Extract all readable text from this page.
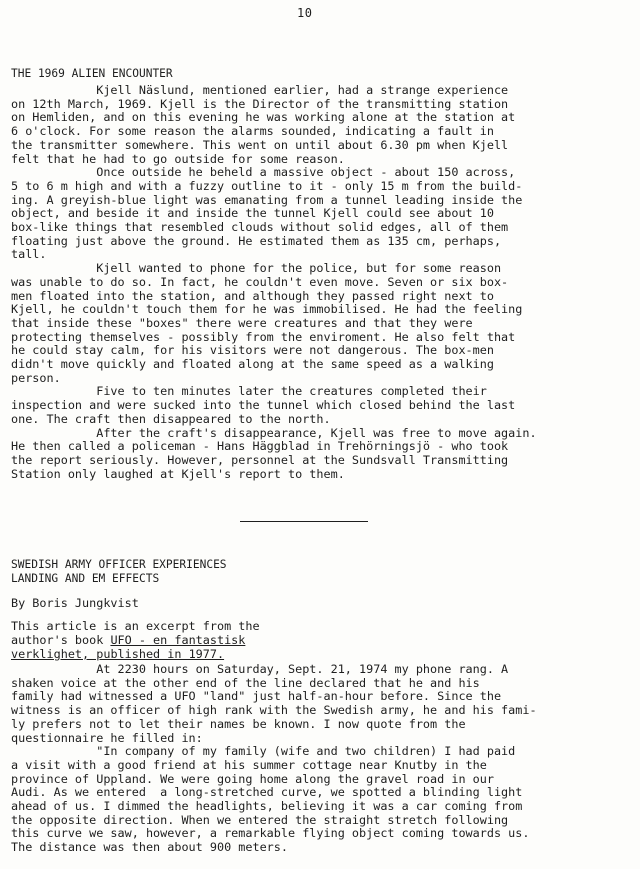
10
THE 1969 ALIEN ENCOUNTER
Kjell Näslund, mentioned earlier, had a strange experience
on 12th March, 1969. Kjell is the Director of the transmitting station
on Hemliden, and on this evening he was working alone at the station at
6 o'clock. For some reason the alarms sounded, indicating a fault in
the transmitter somewhere. This went on until about 6.30 pm when Kjell
felt that he had to go outside for some reason.
Once outside he beheld a massive object - about 150 across,
5 to 6 m high and with a fuzzy outline to it - only 15 m from the build-
ing. A greyish-blue light was emanating from a tunnel leading inside the
object, and beside it and inside the tunnel Kjell could see about 10
box-like things that resembled clouds without solid edges, all of them
floating just above the ground. He estimated them as 135 cm, perhaps,
tall.
Kjell wanted to phone for the police, but for some reason
was unable to do so. In fact, he couldn't even move. Seven or six box-
men floated into the station, and although they passed right next to
Kjell, he couldn't touch them for he was immobilised. He had the feeling
that inside these "boxes" there were creatures and that they were
protecting themselves - possibly from the enviroment. He also felt that
he could stay calm, for his visitors were not dangerous. The box-men
didn't move quickly and floated along at the same speed as a walking
person.
Five to ten minutes later the creatures completed their
inspection and were sucked into the tunnel which closed behind the last
one. The craft then disappeared to the north.
After the craft's disappearance, Kjell was free to move again.
He then called a policeman - Hans Häggblad in Trehörningsjö - who took
the report seriously. However, personnel at the Sundsvall Transmitting
Station only laughed at Kjell's report to them.
SWEDISH ARMY OFFICER EXPERIENCES
LANDING AND EM EFFECTS
By Boris Jungkvist
This article is an excerpt from the
author's book UFO - en fantastisk
verklighet, published in 1977.
At 2230 hours on Saturday, Sept. 21, 1974 my phone rang. A
shaken voice at the other end of the line declared that he and his
family had witnessed a UFO "land" just half-an-hour before. Since the
witness is an officer of high rank with the Swedish army, he and his fami-
ly prefers not to let their names be known. I now quote from the
questionnaire he filled in:
"In company of my family (wife and two children) I had paid
a visit with a good friend at his summer cottage near Knutby in the
province of Uppland. We were going home along the gravel road in our
Audi. As we entered  a long-stretched curve, we spotted a blinding light
ahead of us. I dimmed the headlights, believing it was a car coming from
the opposite direction. When we entered the straight stretch following
this curve we saw, however, a remarkable flying object coming towards us.
The distance was then about 900 meters.
